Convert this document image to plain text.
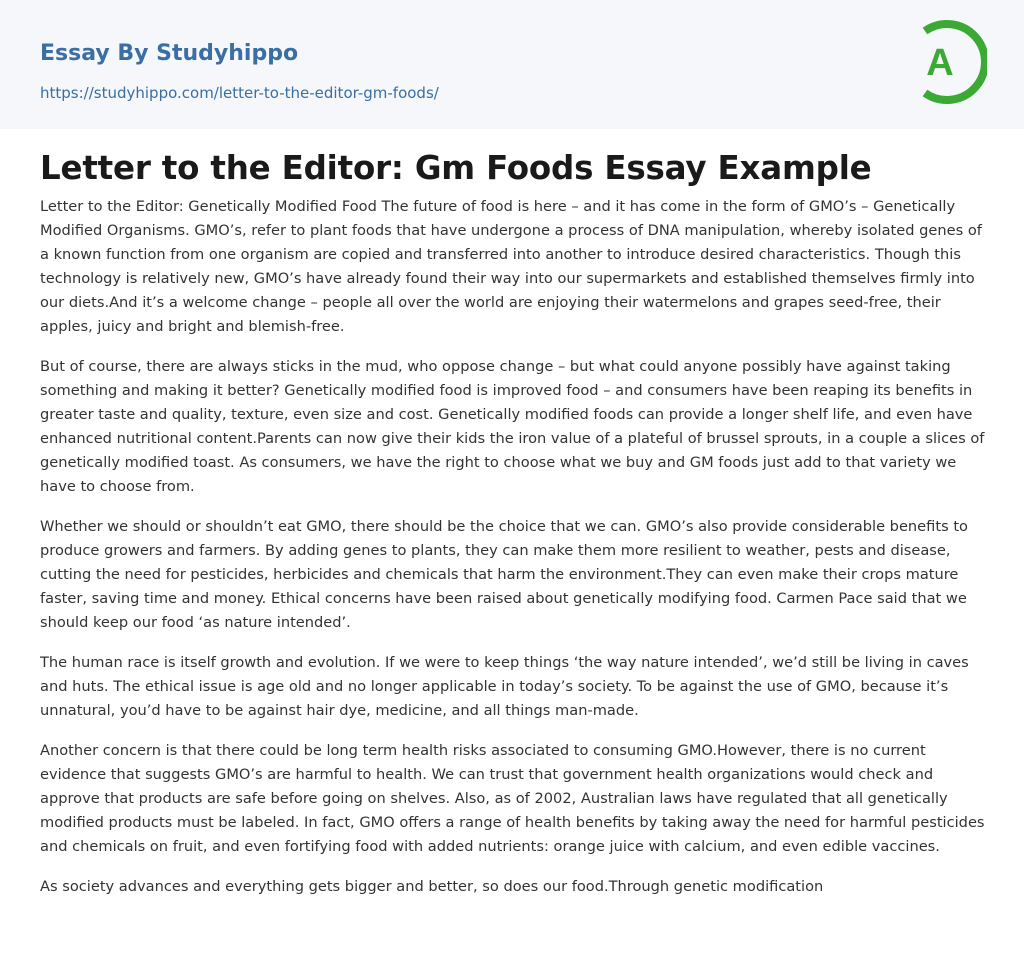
Essay By Studyhippo
https://studyhippo.com/letter-to-the-editor-gm-foods/
A
Letter to the Editor: Gm Foods Essay Example

Letter to the Editor: Genetically Modified Food The future of food is here – and it has come in the form of GMO’s – Genetically Modified Organisms. GMO’s, refer to plant foods that have undergone a process of DNA manipulation, whereby isolated genes of a known function from one organism are copied and transferred into another to introduce desired characteristics. Though this technology is relatively new, GMO’s have already found their way into our supermarkets and established themselves firmly into our diets.And it’s a welcome change – people all over the world are enjoying their watermelons and grapes seed-free, their apples, juicy and bright and blemish-free.

But of course, there are always sticks in the mud, who oppose change – but what could anyone possibly have against taking something and making it better? Genetically modified food is improved food – and consumers have been reaping its benefits in greater taste and quality, texture, even size and cost. Genetically modified foods can provide a longer shelf life, and even have enhanced nutritional content.Parents can now give their kids the iron value of a plateful of brussel sprouts, in a couple a slices of genetically modified toast. As consumers, we have the right to choose what we buy and GM foods just add to that variety we have to choose from.

Whether we should or shouldn’t eat GMO, there should be the choice that we can. GMO’s also provide considerable benefits to produce growers and farmers. By adding genes to plants, they can make them more resilient to weather, pests and disease, cutting the need for pesticides, herbicides and chemicals that harm the environment.They can even make their crops mature faster, saving time and money. Ethical concerns have been raised about genetically modifying food. Carmen Pace said that we should keep our food ‘as nature intended’.

The human race is itself growth and evolution. If we were to keep things ‘the way nature intended’, we’d still be living in caves and huts. The ethical issue is age old and no longer applicable in today’s society. To be against the use of GMO, because it’s unnatural, you’d have to be against hair dye, medicine, and all things man-made.

Another concern is that there could be long term health risks associated to consuming GMO.However, there is no current evidence that suggests GMO’s are harmful to health. We can trust that government health organizations would check and approve that products are safe before going on shelves. Also, as of 2002, Australian laws have regulated that all genetically modified products must be labeled. In fact, GMO offers a range of health benefits by taking away the need for harmful pesticides and chemicals on fruit, and even fortifying food with added nutrients: orange juice with calcium, and even edible vaccines.

As society advances and everything gets bigger and better, so does our food.Through genetic modification
